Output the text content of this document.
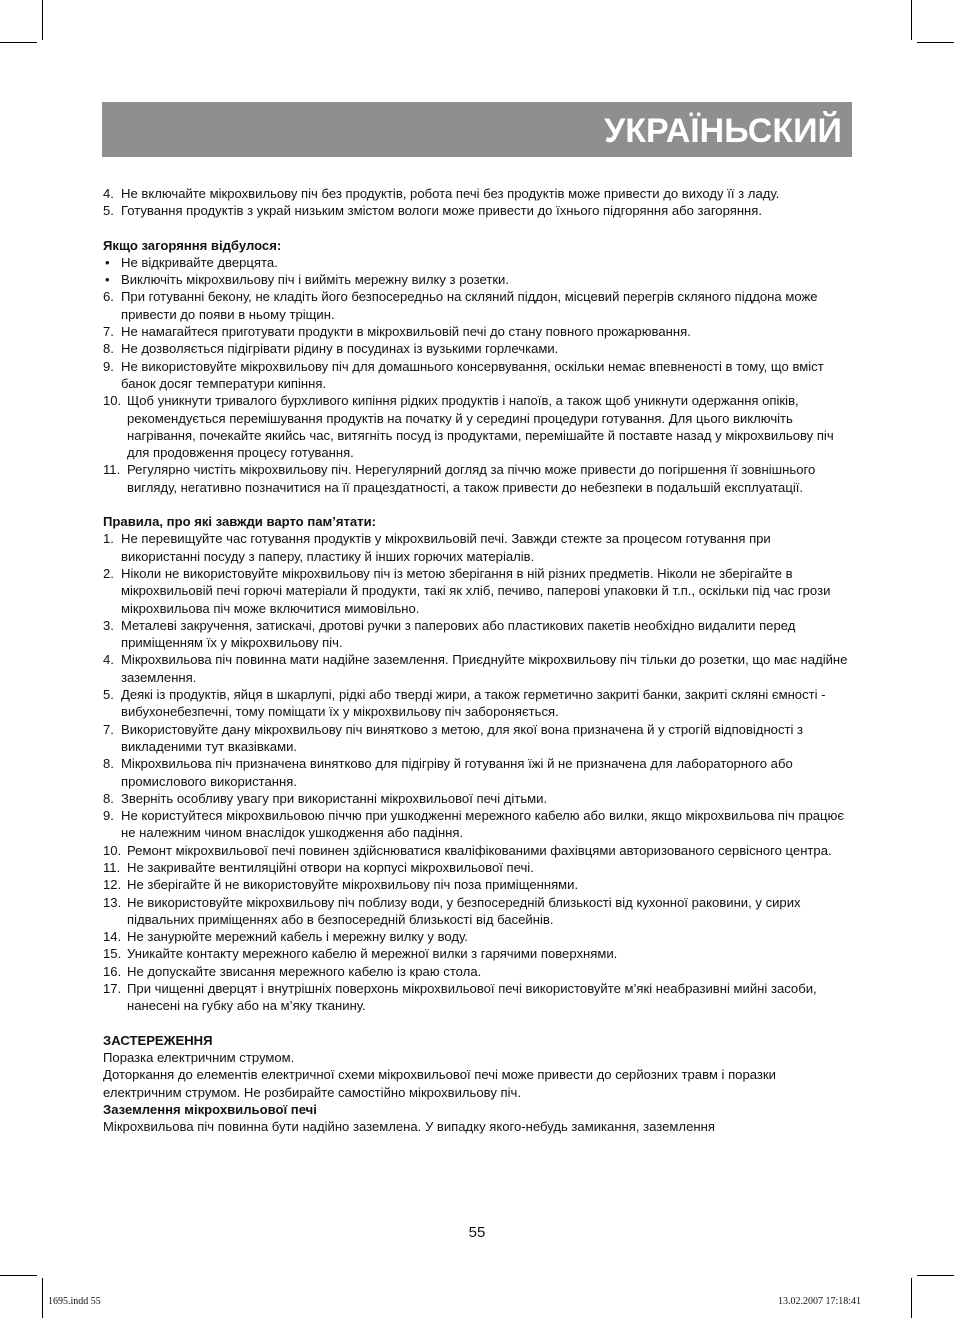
УКРАЇНЬСКИЙ
4. Не включайте мікрохвильову піч без продуктів, робота печі без продуктів може привести до виходу її з ладу.
5. Готування продуктів з украй низьким змістом вологи може привести до їхнього підгоряння або загоряння.
Якщо загоряння відбулося:
• Не відкривайте дверцята.
• Виключіть мікрохвильову піч і вийміть мережну вилку з розетки.
6. При готуванні бекону, не кладіть його безпосередньо на скляний піддон, місцевий перегрів скляного піддона може привести до появи в ньому тріщин.
7. Не намагайтеся приготувати продукти в мікрохвильовій печі до стану повного прожарювання.
8. Не дозволяється підігрівати рідину в посудинах із вузькими горлечками.
9. Не використовуйте мікрохвильову піч для домашнього консервування, оскільки немає впевненості в тому, що вміст банок досяг температури кипіння.
10. Щоб уникнути тривалого бурхливого кипіння рідких продуктів і напоїв, а також щоб уникнути одержання опіків, рекомендується перемішування продуктів на початку й у середині процедури готування. Для цього виключіть нагрівання, почекайте якийсь час, витягніть посуд із продуктами, перемішайте й поставте назад у мікрохвильову піч для продовження процесу готування.
11. Регулярно чистіть мікрохвильову піч. Нерегулярний догляд за піччю може привести до погіршення її зовнішнього вигляду, негативно позначитися на її працездатності, а також привести до небезпеки в подальшій експлуатації.
Правила, про які завжди варто пам’ятати:
1. Не перевищуйте час готування продуктів у мікрохвильовій печі. Завжди стежте за процесом готування при використанні посуду з паперу, пластику й інших горючих матеріалів.
2. Ніколи не використовуйте мікрохвильову піч із метою зберігання в ній різних предметів. Ніколи не зберігайте в мікрохвильовій печі горючі матеріали й продукти, такі як хліб, печиво, паперові упаковки й т.п., оскільки під час грози мікрохвильова піч може включитися мимовільно.
3. Металеві закручення, затискачі, дротові ручки з паперових або пластикових пакетів необхідно видалити перед приміщенням їх у мікрохвильову піч.
4. Мікрохвильова піч повинна мати надійне заземлення. Приєднуйте мікрохвильову піч тільки до розетки, що має надійне заземлення.
5. Деякі із продуктів, яйця в шкарлупі, рідкі або тверді жири, а також герметично закриті банки, закриті скляні ємності - вибухонебезпечні, тому поміщати їх у мікрохвильову піч забороняється.
7. Використовуйте дану мікрохвильову піч винятково з метою, для якої вона призначена й у строгій відповідності з викладеними тут вказівками.
8. Мікрохвильова піч призначена винятково для підігріву й готування їжі й не призначена для лабораторного або промислового використання.
8. Зверніть особливу увагу при використанні мікрохвильової печі дітьми.
9. Не користуйтеся мікрохвильовою піччю при ушкодженні мережного кабелю або вилки, якщо мікрохвильова піч працює не належним чином внаслідок ушкодження або падіння.
10. Ремонт мікрохвильової печі повинен здійснюватися кваліфікованими фахівцями авторизованого сервісного центра.
11. Не закривайте вентиляційні отвори на корпусі мікрохвильової печі.
12. Не зберігайте й не використовуйте мікрохвильову піч поза приміщеннями.
13. Не використовуйте мікрохвильову піч поблизу води, у безпосередній близькості від кухонної раковини, у сирих підвальних приміщеннях або в безпосередній близькості від басейнів.
14. Не занурюйте мережний кабель і мережну вилку у воду.
15. Уникайте контакту мережного кабелю й мережної вилки з гарячими поверхнями.
16. Не допускайте звисання мережного кабелю із краю стола.
17. При чищенні дверцят і внутрішніх поверхонь мікрохвильової печі використовуйте м’які неабразивні мийні засоби, нанесені на губку або на м’яку тканину.
ЗАСТЕРЕЖЕННЯ

Поразка електричним струмом.

Доторкання до елементів електричної схеми мікрохвильової печі може привести до серйозних травм і поразки електричним струмом. Не розбирайте самостійно мікрохвильову піч.

Заземлення мікрохвильової печі

Мікрохвильова піч повинна бути надійно заземлена. У випадку якого-небудь замикання, заземлення

55
1695.indd 55	13.02.2007 17:18:41
